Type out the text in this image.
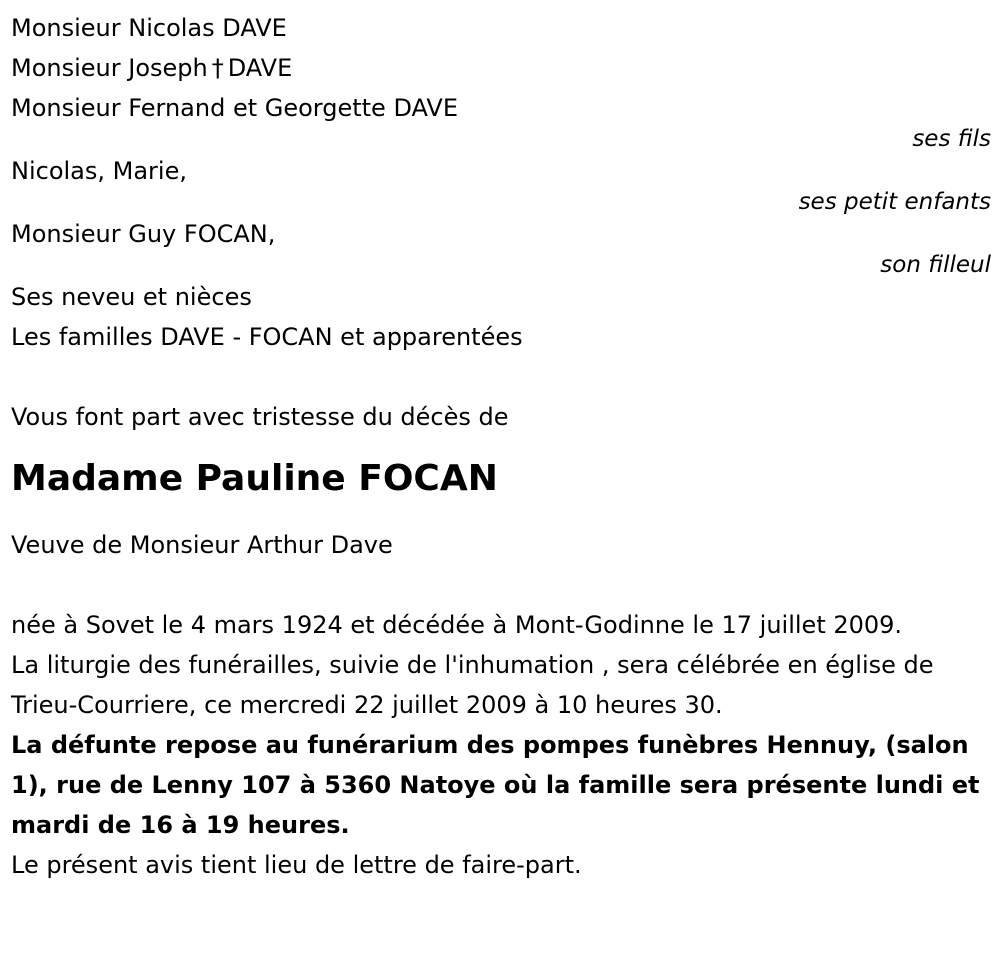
Monsieur Nicolas DAVE
Monsieur Joseph † DAVE
Monsieur Fernand et Georgette DAVE
ses fils
Nicolas, Marie,
ses petit enfants
Monsieur Guy FOCAN,
son filleul
Ses neveu et nièces
Les familles DAVE - FOCAN et apparentées
Vous font part avec tristesse du décès de
Madame Pauline FOCAN
Veuve de Monsieur Arthur Dave
née à Sovet le 4 mars 1924 et décédée à Mont-Godinne le 17 juillet 2009.
La liturgie des funérailles, suivie de l'inhumation , sera célébrée en église de
Trieu-Courriere, ce mercredi 22 juillet 2009 à 10 heures 30.
La défunte repose au funérarium des pompes funèbres Hennuy, (salon 1), rue de Lenny 107 à 5360 Natoye où la famille sera présente lundi et mardi de 16 à 19 heures.
Le présent avis tient lieu de lettre de faire-part.
